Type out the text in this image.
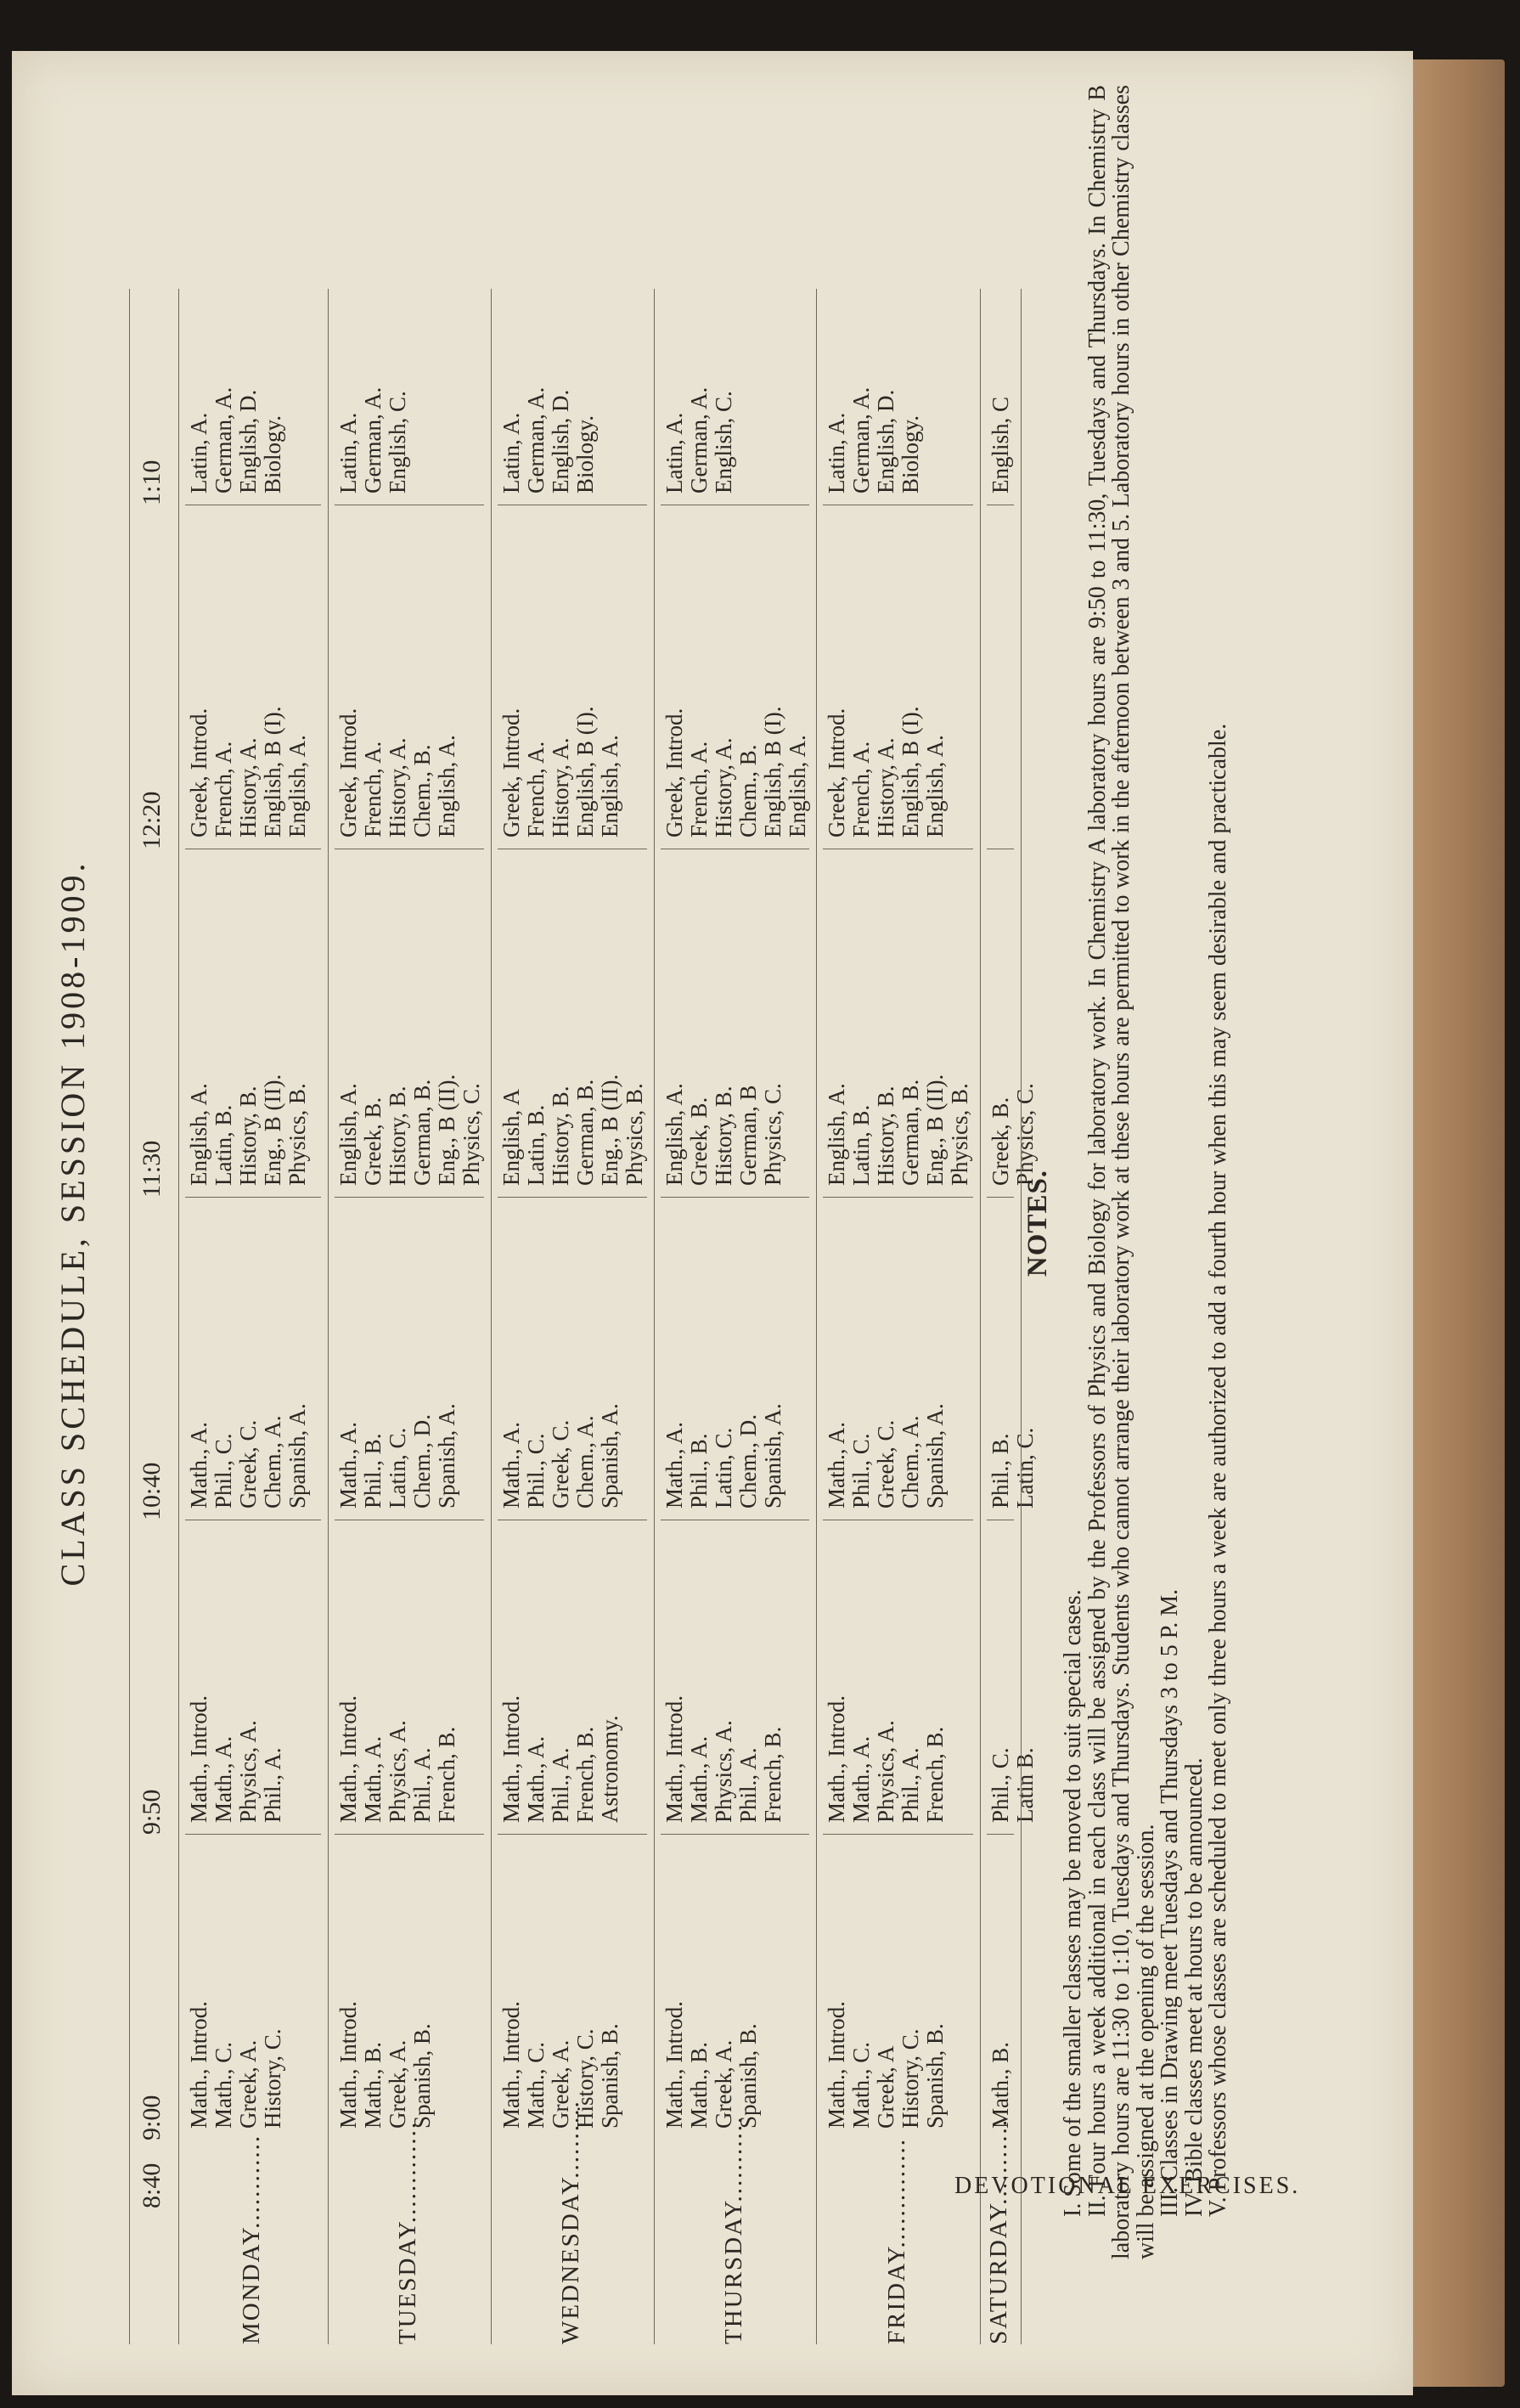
CLASS SCHEDULE, SESSION 1908-1909.
8:40
9:00
9:50
10:40
11:30
12:20
1:10
MONDAY............
Math., Introd. Math., C. Greek, A. History, C.
Math., Introd. Math., A. Physics, A. Phil., A.
Math., A. Phil., C. Greek, C. Chem., A. Spanish, A.
English, A. Latin, B. History, B. Eng., B (II). Physics, B.
Greek, Introd. French, A. History, A. English, B (I). English, A.
Latin, A. German, A. English, D. Biology.
TUESDAY.............
Math., Introd. Math., B. Greek, A. Spanish, B.
Math., Introd. Math., A. Physics, A. Phil., A. French, B.
Math., A. Phil., B. Latin, C. Chem., D. Spanish, A.
English, A. Greek, B. History, B. German, B. Eng., B (II). Physics, C.
Greek, Introd. French, A. History, A. Chem., B. English, A.
Latin, A. German, A. English, C.
WEDNESDAY..........
Math., Introd. Math., C. Greek, A. History, C. Spanish, B.
Math., Introd. Math., A. Phil., A. French, B. Astronomy.
Math., A. Phil., C. Greek, C. Chem., A. Spanish, A.
English, A Latin, B. History, B. German, B. Eng., B (II). Physics, B.
Greek, Introd. French, A. History, A. English, B (I). English, A.
Latin, A. German, A. English, D. Biology.
THURSDAY...........
Math., Introd. Math., B. Greek, A. Spanish, B.
Math., Introd. Math., A. Physics, A. Phil., A. French, B.
Math., A. Phil., B. Latin, C. Chem., D. Spanish, A.
English, A. Greek, B. History, B. German, B Physics, C.
Greek, Introd. French, A. History, A. Chem., B. English, B (I). English, A.
Latin, A. German, A. English, C.
FRIDAY..............
Math., Introd. Math., C. Greek, A History, C. Spanish, B.
Math., Introd. Math., A. Physics, A. Phil., A. French, B.
Math., A. Phil., C. Greek, C. Chem., A. Spanish, A.
English, A. Latin, B. History, B. German, B. Eng., B (II). Physics, B.
Greek, Introd. French, A. History, A. English, B (I). English, A.
Latin, A. German, A. English, D. Biology.
SATURDAY...........
Math., B.
Phil., C. Latin B.
Phil., B. Latin, C.
Greek, B. Physics, C.
English, C
DEVOTIONAL EXERCISES.
NOTES.

I. Some of the smaller classes may be moved to suit special cases.

II. Four hours a week additional in each class will be assigned by the Professors of Physics and Biology for laboratory work. In Chemistry A laboratory hours are 9:50 to 11:30, Tuesdays and Thursdays. In Chemistry B laboratory hours are 11:30 to 1:10, Tuesdays and Thursdays. Students who cannot arrange their laboratory work at these hours are permitted to work in the afternoon between 3 and 5. Laboratory hours in other Chemistry classes will be assigned at the opening of the session.

III. Classes in Drawing meet Tuesdays and Thursdays 3 to 5 P. M.

IV. Bible classes meet at hours to be announced.

V. Professors whose classes are scheduled to meet only three hours a week are authorized to add a fourth hour when this may seem desirable and practicable.
